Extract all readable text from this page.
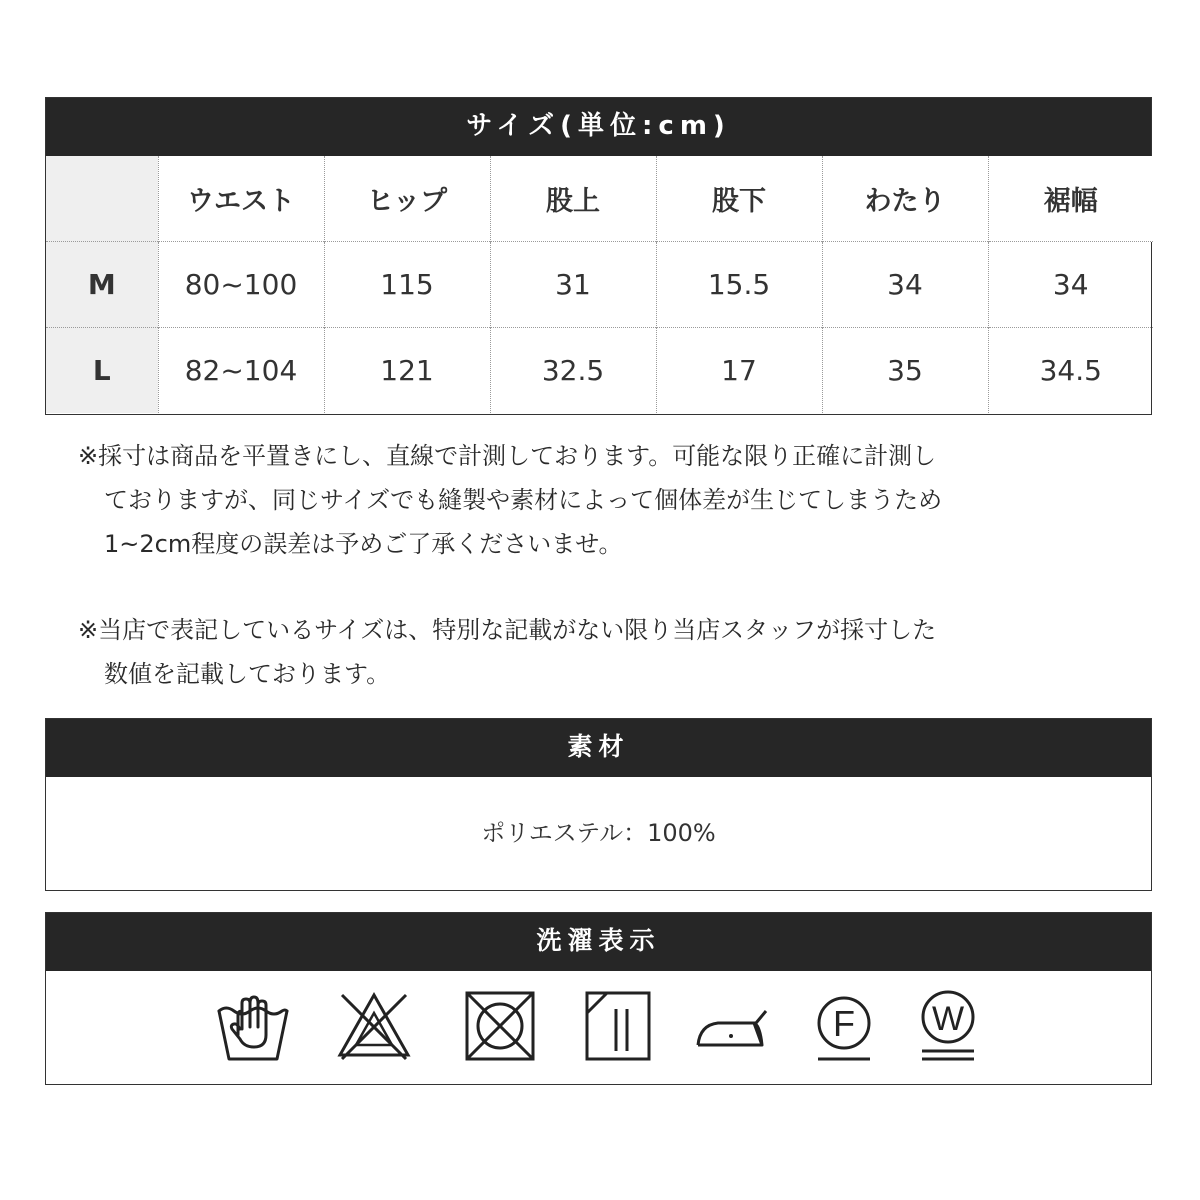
サイズ(単位:cm)
	ウエスト	ヒップ	股上	股下	わたり	裾幅
M	80~100	115	31	15.5	34	34
L	82~104	121	32.5	17	35	34.5
※採寸は商品を平置きにし、直線で計測しております。可能な限り正確に計測し
ておりますが、同じサイズでも縫製や素材によって個体差が生じてしまうため
1~2cm程度の誤差は予めご了承くださいませ。
※当店で表記しているサイズは、特別な記載がない限り当店スタッフが採寸した
数値を記載しております。
素材
ポリエステル：100%
洗濯表示
F W
